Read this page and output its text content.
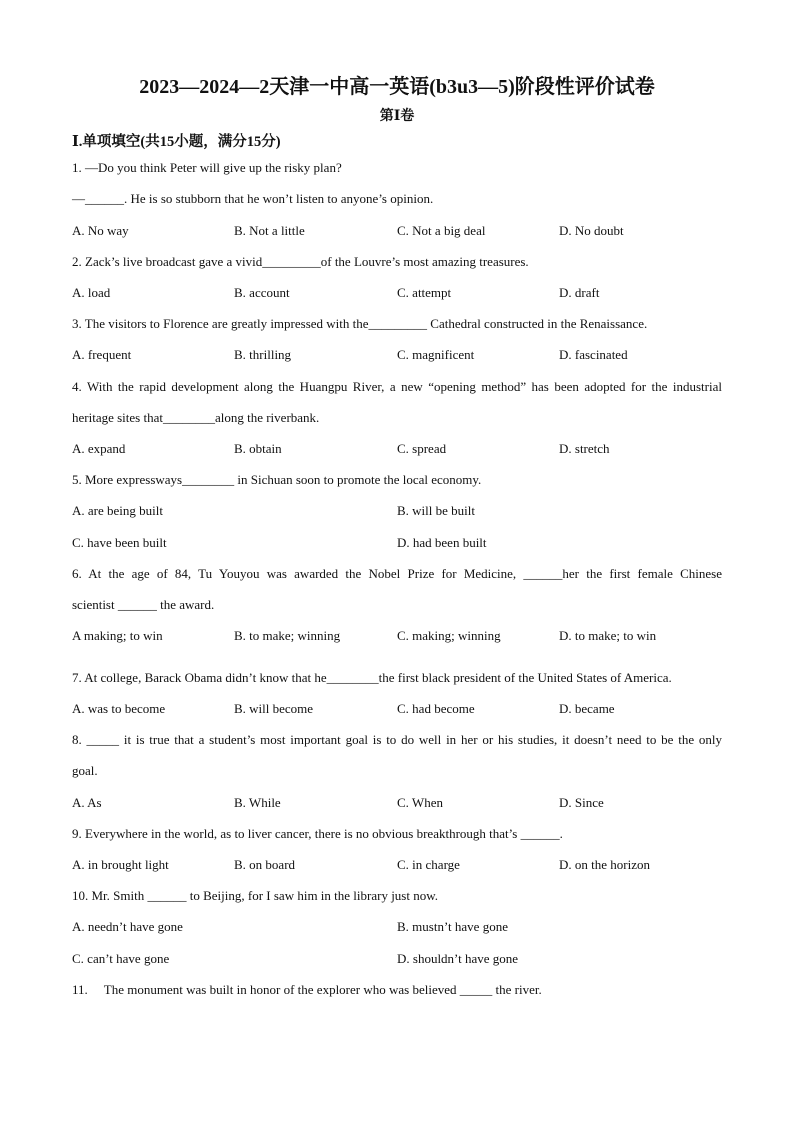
2023—2024—2天津一中高一英语(b3u3—5)阶段性评价试卷
第Ⅰ卷
Ⅰ.单项填空(共15小题，满分15分)
1. —Do you think Peter will give up the risky plan?
—______. He is so stubborn that he won’t listen to anyone’s opinion.
A. No way	B. Not a little	C. Not a big deal	D. No doubt
2. Zack’s live broadcast gave a vivid_________of the Louvre’s most amazing treasures.
A. load	B. account	C. attempt	D. draft
3. The visitors to Florence are greatly impressed with the_________ Cathedral constructed in the Renaissance.
A. frequent	B. thrilling	C. magnificent	D. fascinated
4. With the rapid development along the Huangpu River, a new “opening method” has been adopted for the industrial
heritage sites that________along the riverbank.
A. expand	B. obtain	C. spread	D. stretch
5. More expressways________ in Sichuan soon to promote the local economy.
A. are being built	B. will be built
C. have been built	D. had been built
6. At the age of 84, Tu Youyou was awarded the Nobel Prize for Medicine, ______her the first female Chinese
scientist ______ the award.
A making; to win	B. to make; winning	C. making; winning	D. to make; to win
7. At college, Barack Obama didn’t know that he________the first black president of the United States of America.
A. was to become	B. will become	C. had become	D. became
8. _____ it is true that a student’s most important goal is to do well in her or his studies, it doesn’t need to be the only
goal.
A. As	B. While	C. When	D. Since
9. Everywhere in the world, as to liver cancer, there is no obvious breakthrough that’s ______.
A. in brought light	B. on board	C. in charge	D. on the horizon
10. Mr. Smith ______ to Beijing, for I saw him in the library just now.
A. needn’t have gone	B. mustn’t have gone
C. can’t have gone	D. shouldn’t have gone
11.     The monument was built in honor of the explorer who was believed _____ the river.
